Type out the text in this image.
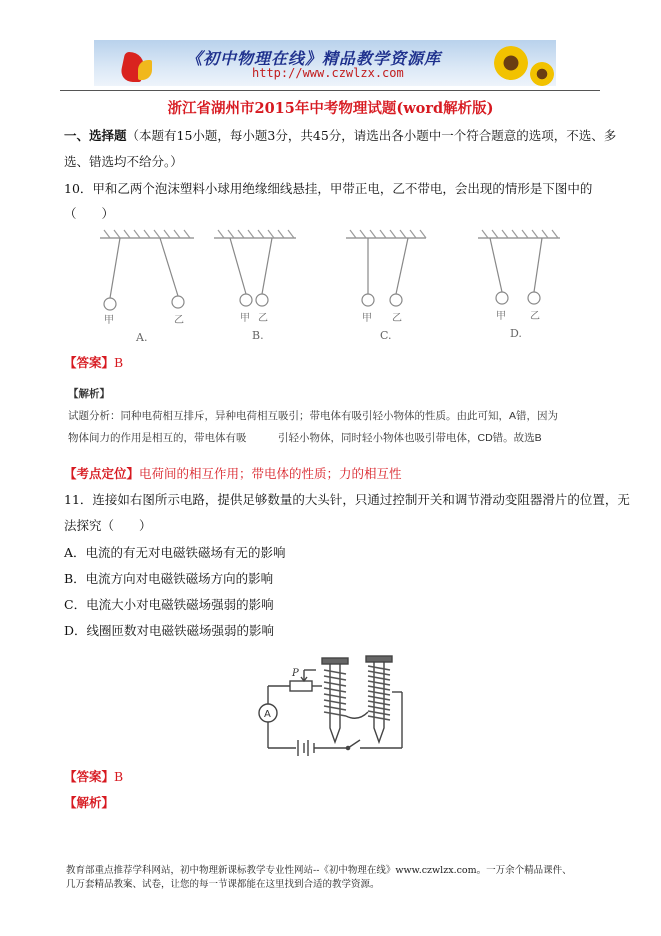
《初中物理在线》精品教学资源库
http://www.czwlzx.com
浙江省湖州市2015年中考物理试题(word解析版)
一、选择题（本题有15小题，每小题3分，共45分，请选出各小题中一个符合题意的选项，不选、多
选、错选均不给分。）
10．甲和乙两个泡沫塑料小球用绝缘细线悬挂，甲带正电，乙不带电，会出现的情形是下图中的
（　　）
甲	乙	甲 乙	甲 乙	甲 乙
A.	B.	C.	D.
【答案】B
【解析】
试题分析：同种电荷相互排斥，异种电荷相互吸引；带电体有吸引轻小物体的性质。由此可知，A错，因为
物体间力的作用是相互的，带电体有吸　　　引轻小物体，同时轻小物体也吸引带电体，CD错。故选B
【考点定位】电荷间的相互作用；带电体的性质；力的相互性
11．连接如右图所示电路，提供足够数量的大头针，只通过控制开关和调节滑动变阻器滑片的位置，无
法探究（　　）
A．电流的有无对电磁铁磁场有无的影响
B．电流方向对电磁铁磁场方向的影响
C．电流大小对电磁铁磁场强弱的影响
D．线圈匝数对电磁铁磁场强弱的影响
A
P
【答案】B
【解析】
教育部重点推荐学科网站，初中物理新课标教学专业性网站--《初中物理在线》www.czwlzx.com。一万余个精品课件、
几万套精品教案、试卷，让您的每一节课都能在这里找到合适的教学资源。
